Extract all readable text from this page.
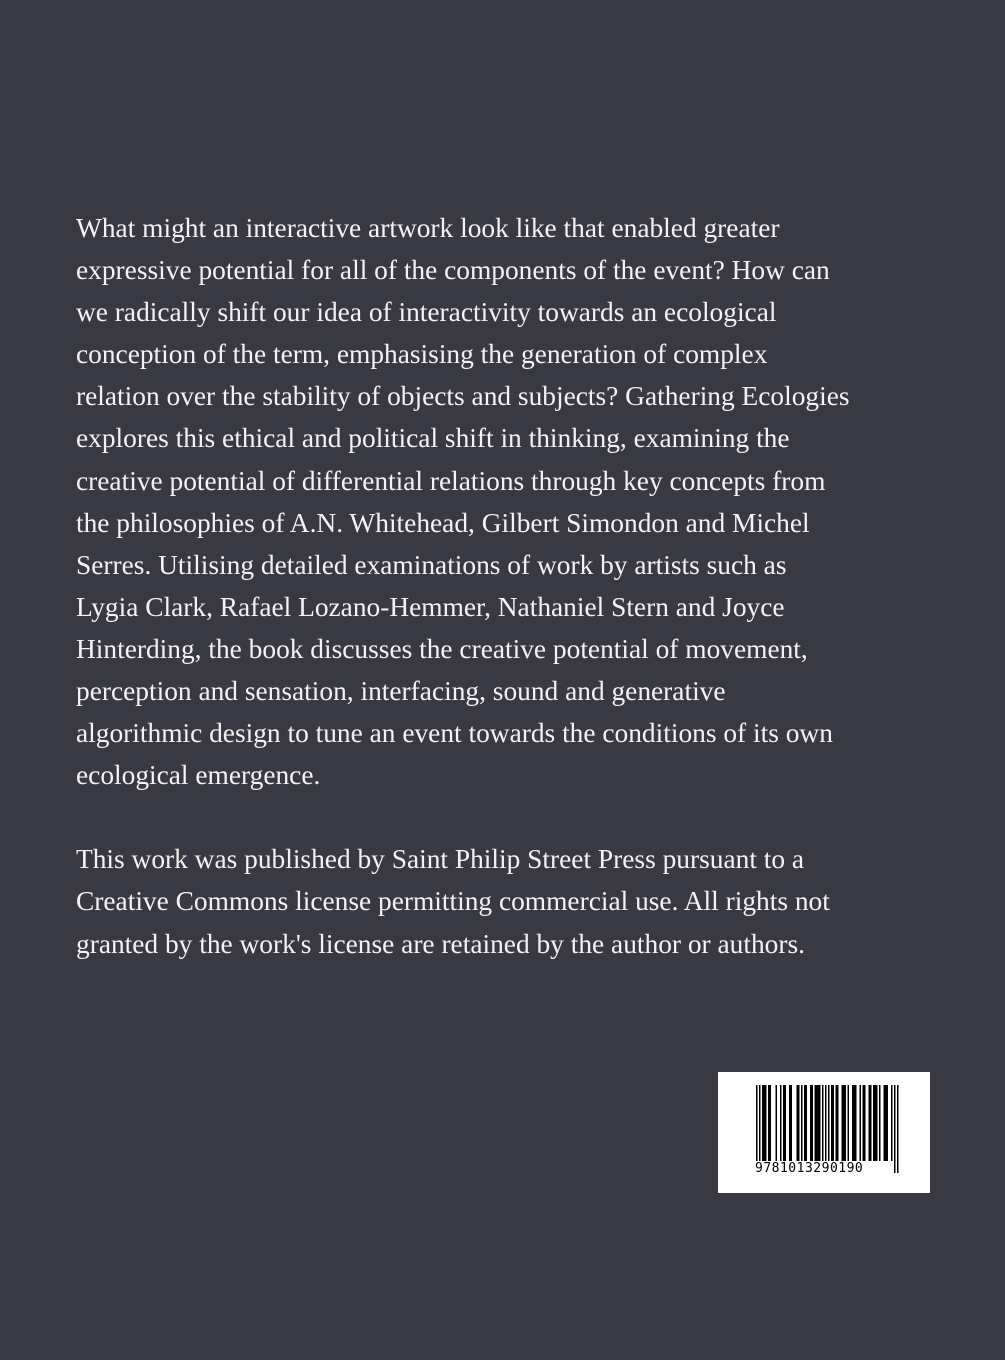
What might an interactive artwork look like that enabled greater
expressive potential for all of the components of the event? How can
we radically shift our idea of interactivity towards an ecological
conception of the term, emphasising the generation of complex
relation over the stability of objects and subjects? Gathering Ecologies
explores this ethical and political shift in thinking, examining the
creative potential of differential relations through key concepts from
the philosophies of A.N. Whitehead, Gilbert Simondon and Michel
Serres. Utilising detailed examinations of work by artists such as
Lygia Clark, Rafael Lozano-Hemmer, Nathaniel Stern and Joyce
Hinterding, the book discusses the creative potential of movement,
perception and sensation, interfacing, sound and generative
algorithmic design to tune an event towards the conditions of its own
ecological emergence.

This work was published by Saint Philip Street Press pursuant to a
Creative Commons license permitting commercial use. All rights not
granted by the work's license are retained by the author or authors.

9781013290190
